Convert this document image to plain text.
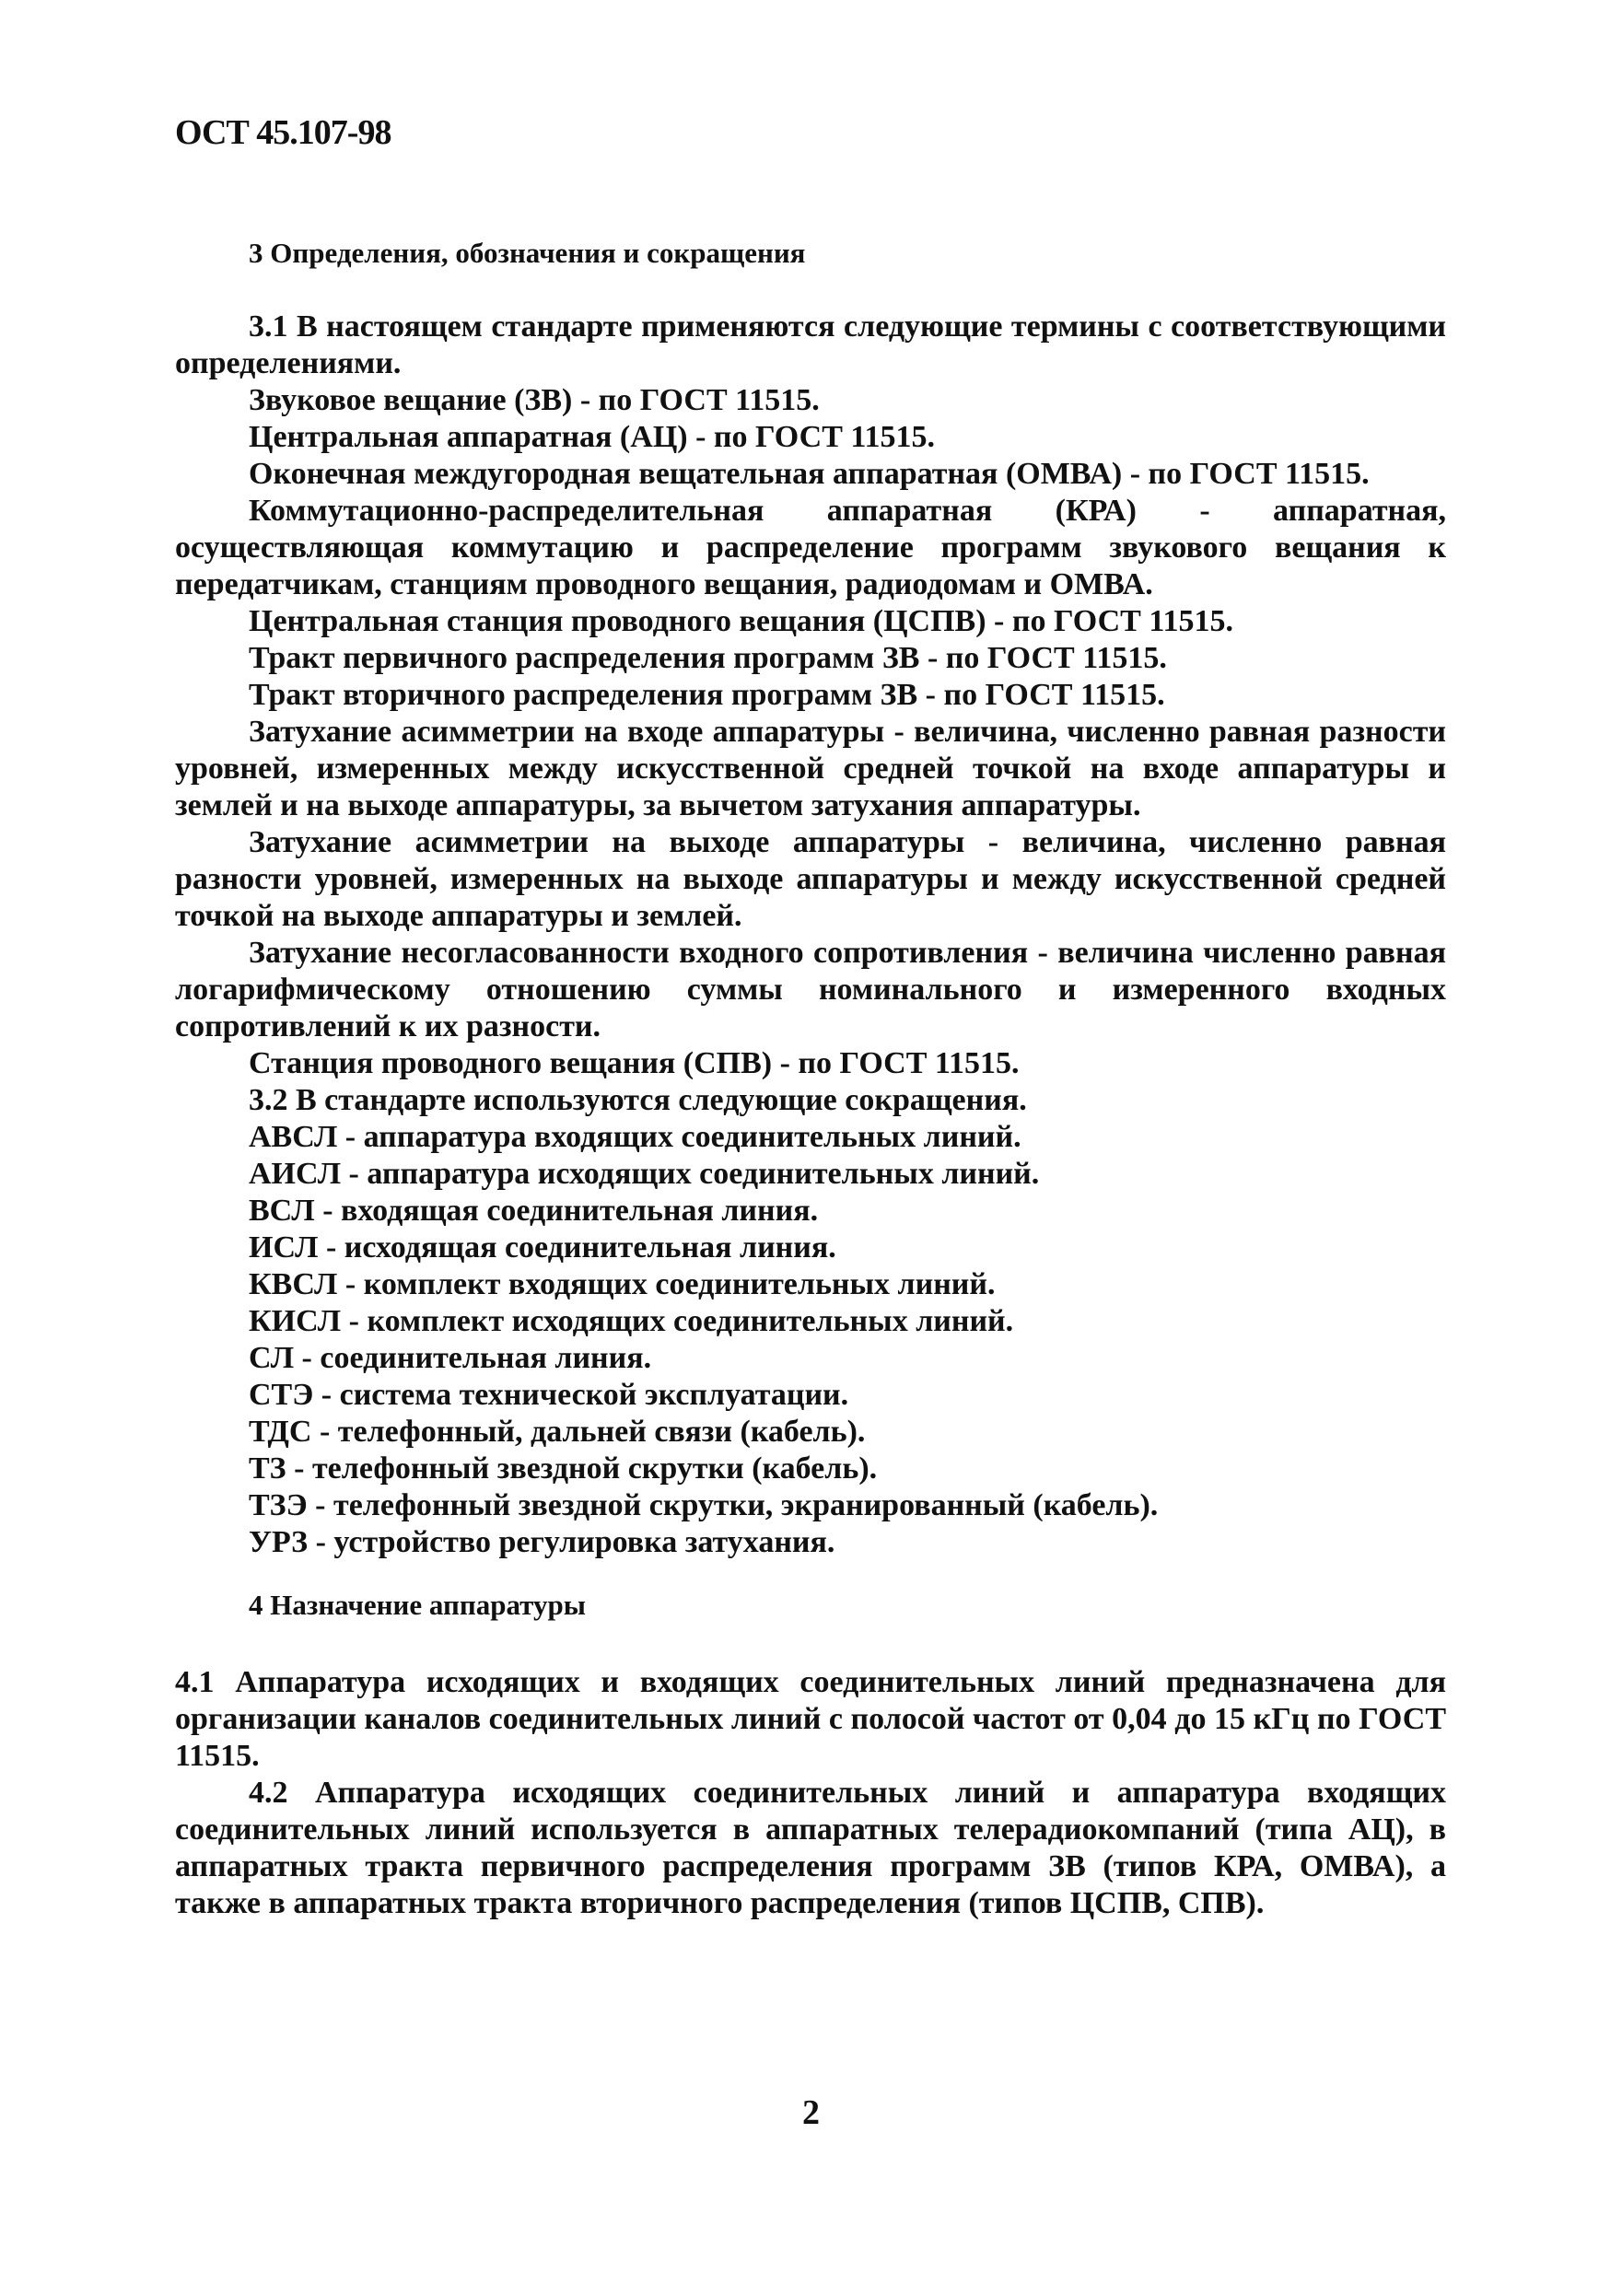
ОСТ 45.107-98
3 Определения, обозначения и сокращения

3.1 В настоящем стандарте применяются следующие термины с соответствующими определениями.

Звуковое вещание (ЗВ) - по ГОСТ 11515.

Центральная аппаратная (АЦ) - по ГОСТ 11515.

Оконечная междугородная вещательная аппаратная (ОМВА) - по ГОСТ 11515.

Коммутационно-распределительная аппаратная (КРА) - аппаратная, осуществляющая коммутацию и распределение программ звукового вещания к передатчикам, станциям проводного вещания, радиодомам и ОМВА.

Центральная станция проводного вещания (ЦСПВ) - по ГОСТ 11515.

Тракт первичного распределения программ ЗВ - по ГОСТ 11515.

Тракт вторичного распределения программ ЗВ - по ГОСТ 11515.

Затухание асимметрии на входе аппаратуры - величина, численно равная разности уровней, измеренных между искусственной средней точкой на входе аппаратуры и землей и на выходе аппаратуры, за вычетом затухания аппаратуры.

Затухание асимметрии на выходе аппаратуры - величина, численно равная разности уровней, измеренных на выходе аппаратуры и между искусственной средней точкой на выходе аппаратуры и землей.

Затухание несогласованности входного сопротивления - величина численно равная логарифмическому отношению суммы номинального и измеренного входных сопротивлений к их разности.

Станция проводного вещания (СПВ) - по ГОСТ 11515.

3.2 В стандарте используются следующие сокращения.

АВСЛ - аппаратура входящих соединительных линий.
АИСЛ - аппаратура исходящих соединительных линий.
ВСЛ - входящая соединительная линия.
ИСЛ - исходящая соединительная линия.
КВСЛ - комплект входящих соединительных линий.
КИСЛ - комплект исходящих соединительных линий.
СЛ - соединительная линия.
СТЭ - система технической эксплуатации.
ТДС - телефонный, дальней связи (кабель).
ТЗ - телефонный звездной скрутки (кабель).
ТЗЭ - телефонный звездной скрутки, экранированный (кабель).
УРЗ - устройство регулировка затухания.
4 Назначение аппаратуры

4.1 Аппаратура исходящих и входящих соединительных линий предназначена для организации каналов соединительных линий с полосой частот от 0,04 до 15 кГц по ГОСТ 11515.

4.2 Аппаратура исходящих соединительных линий и аппаратура входящих соединительных линий используется в аппаратных телерадиокомпаний (типа АЦ), в аппаратных тракта первичного распределения программ ЗВ (типов КРА, ОМВА), а также в аппаратных тракта вторичного распределения (типов ЦСПВ, СПВ).

2
